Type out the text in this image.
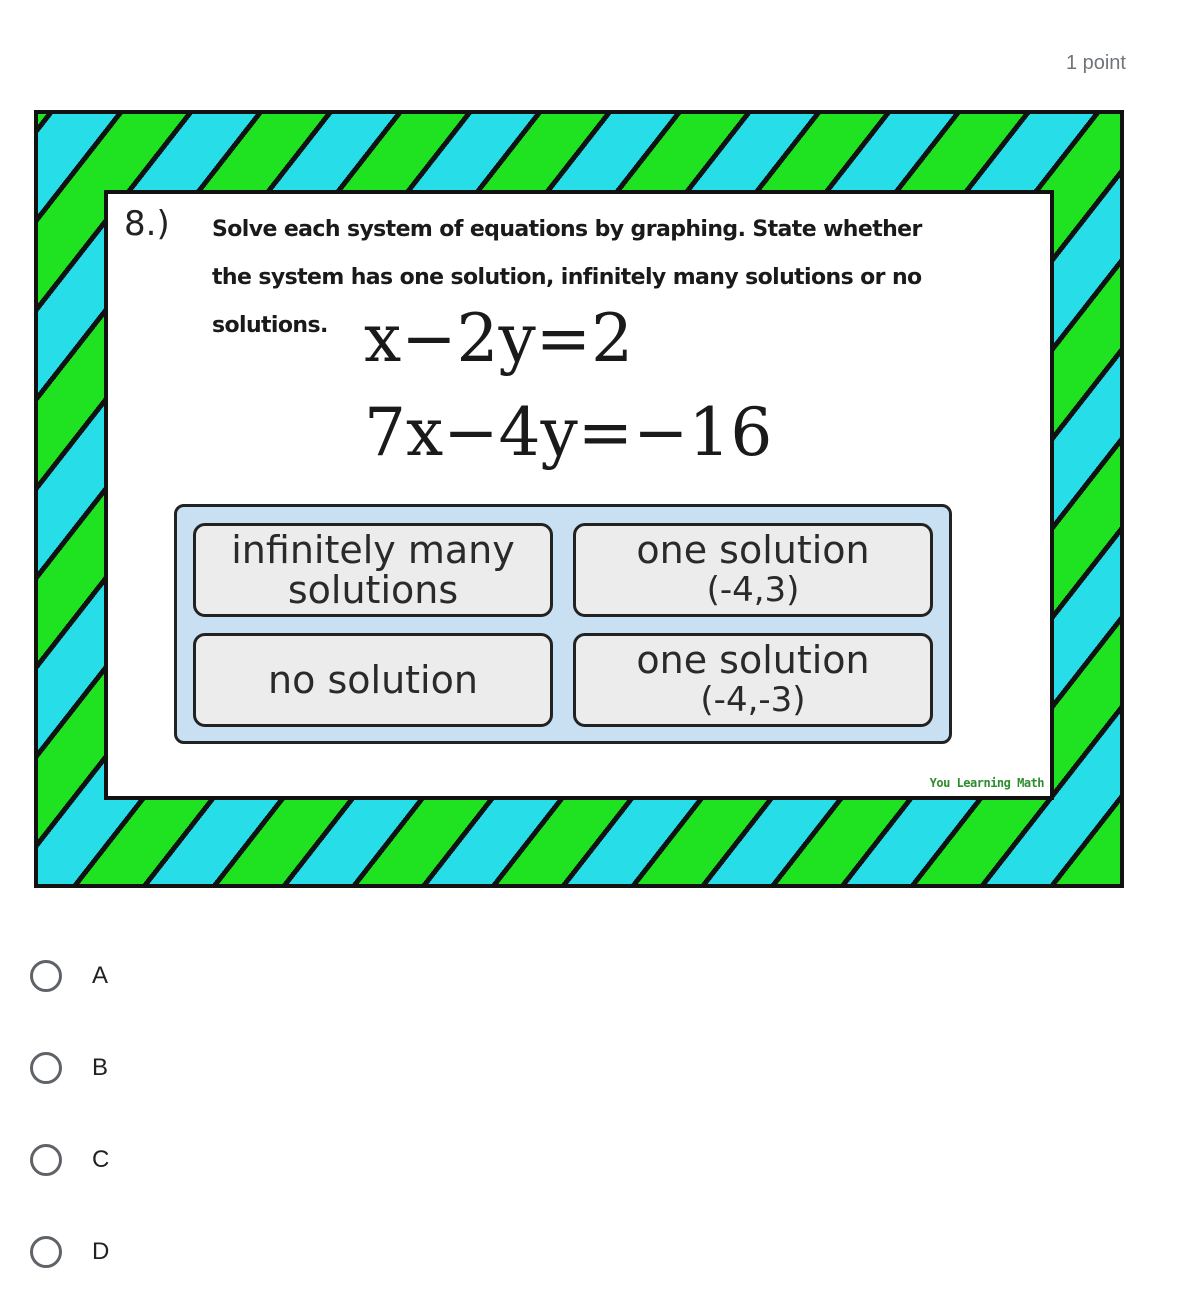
1 point
8.) Solve each system of equations by graphing. State whether
the system has one solution, infinitely many solutions or no solutions. x−2y=2
7x−4y=−16
infinitely many
solutions
one solution
(-4,3)
no solution	one solution
(-4,-3)
You Learning Math
A
B
C
D
